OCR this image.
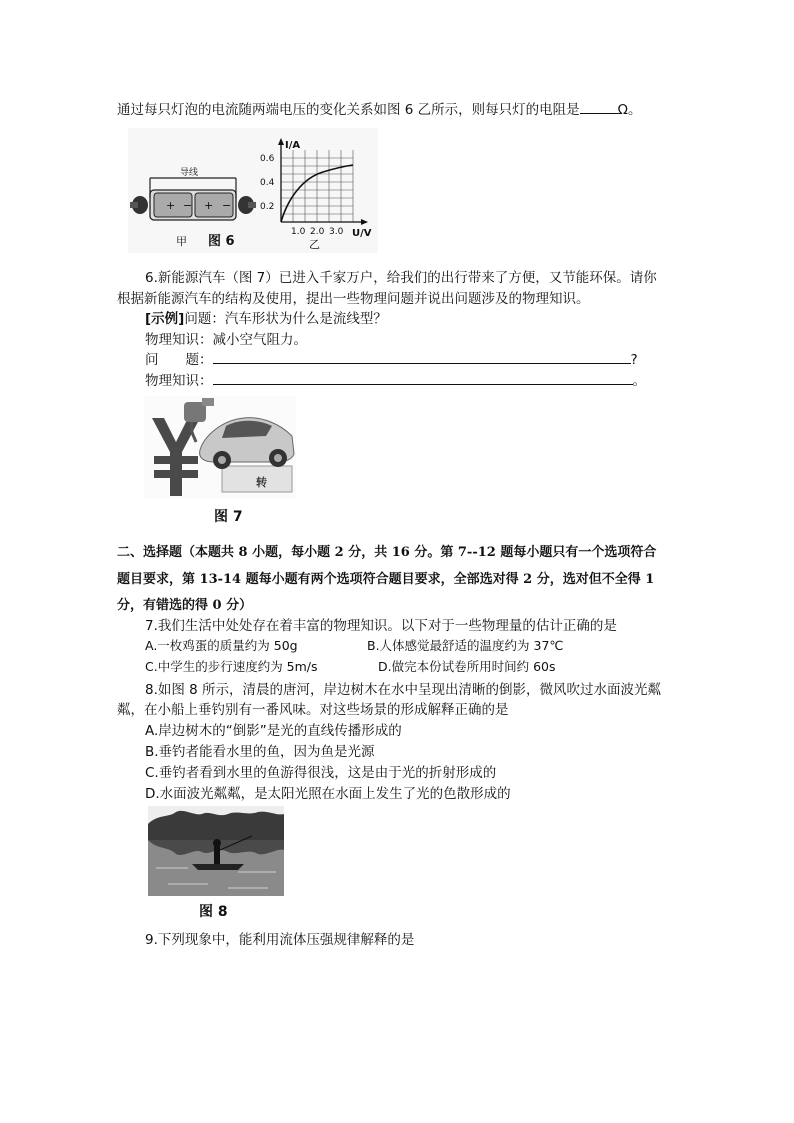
通过每只灯泡的电流随两端电压的变化关系如图 6 乙所示，则每只灯的电阻是	Ω。
+ − + −
导线
甲 图 6
I/A
U/V
0.6
0.4
0.2
1.0 2.0 3.0
乙
6.新能源汽车（图 7）已进入千家万户，给我们的出行带来了方便，又节能环保。请你
根据新能源汽车的结构及使用，提出一些物理问题并说出问题涉及的物理知识。
[示例]问题：汽车形状为什么是流线型？
物理知识：减小空气阻力。
问　　题：	?
物理知识：	。
转
图 7
二、选择题（本题共 8 小题，每小题 2 分，共 16 分。第 7--12 题每小题只有一个选项符合
题目要求，第 13-14 题每小题有两个选项符合题目要求，全部选对得 2 分，选对但不全得 1
分，有错选的得 0 分）
7.我们生活中处处存在着丰富的物理知识。以下对于一些物理量的估计正确的是
A.一枚鸡蛋的质量约为 50g	B.人体感觉最舒适的温度约为 37℃
C.中学生的步行速度约为 5m/s	D.做完本份试卷所用时间约 60s
8.如图 8 所示，清晨的唐河，岸边树木在水中呈现出清晰的倒影，微风吹过水面波光粼
粼，在小船上垂钓别有一番风味。对这些场景的形成解释正确的是
A.岸边树木的“倒影”是光的直线传播形成的
B.垂钓者能看水里的鱼，因为鱼是光源
C.垂钓者看到水里的鱼游得很浅，这是由于光的折射形成的
D.水面波光粼粼，是太阳光照在水面上发生了光的色散形成的
图 8
9.下列现象中，能利用流体压强规律解释的是
